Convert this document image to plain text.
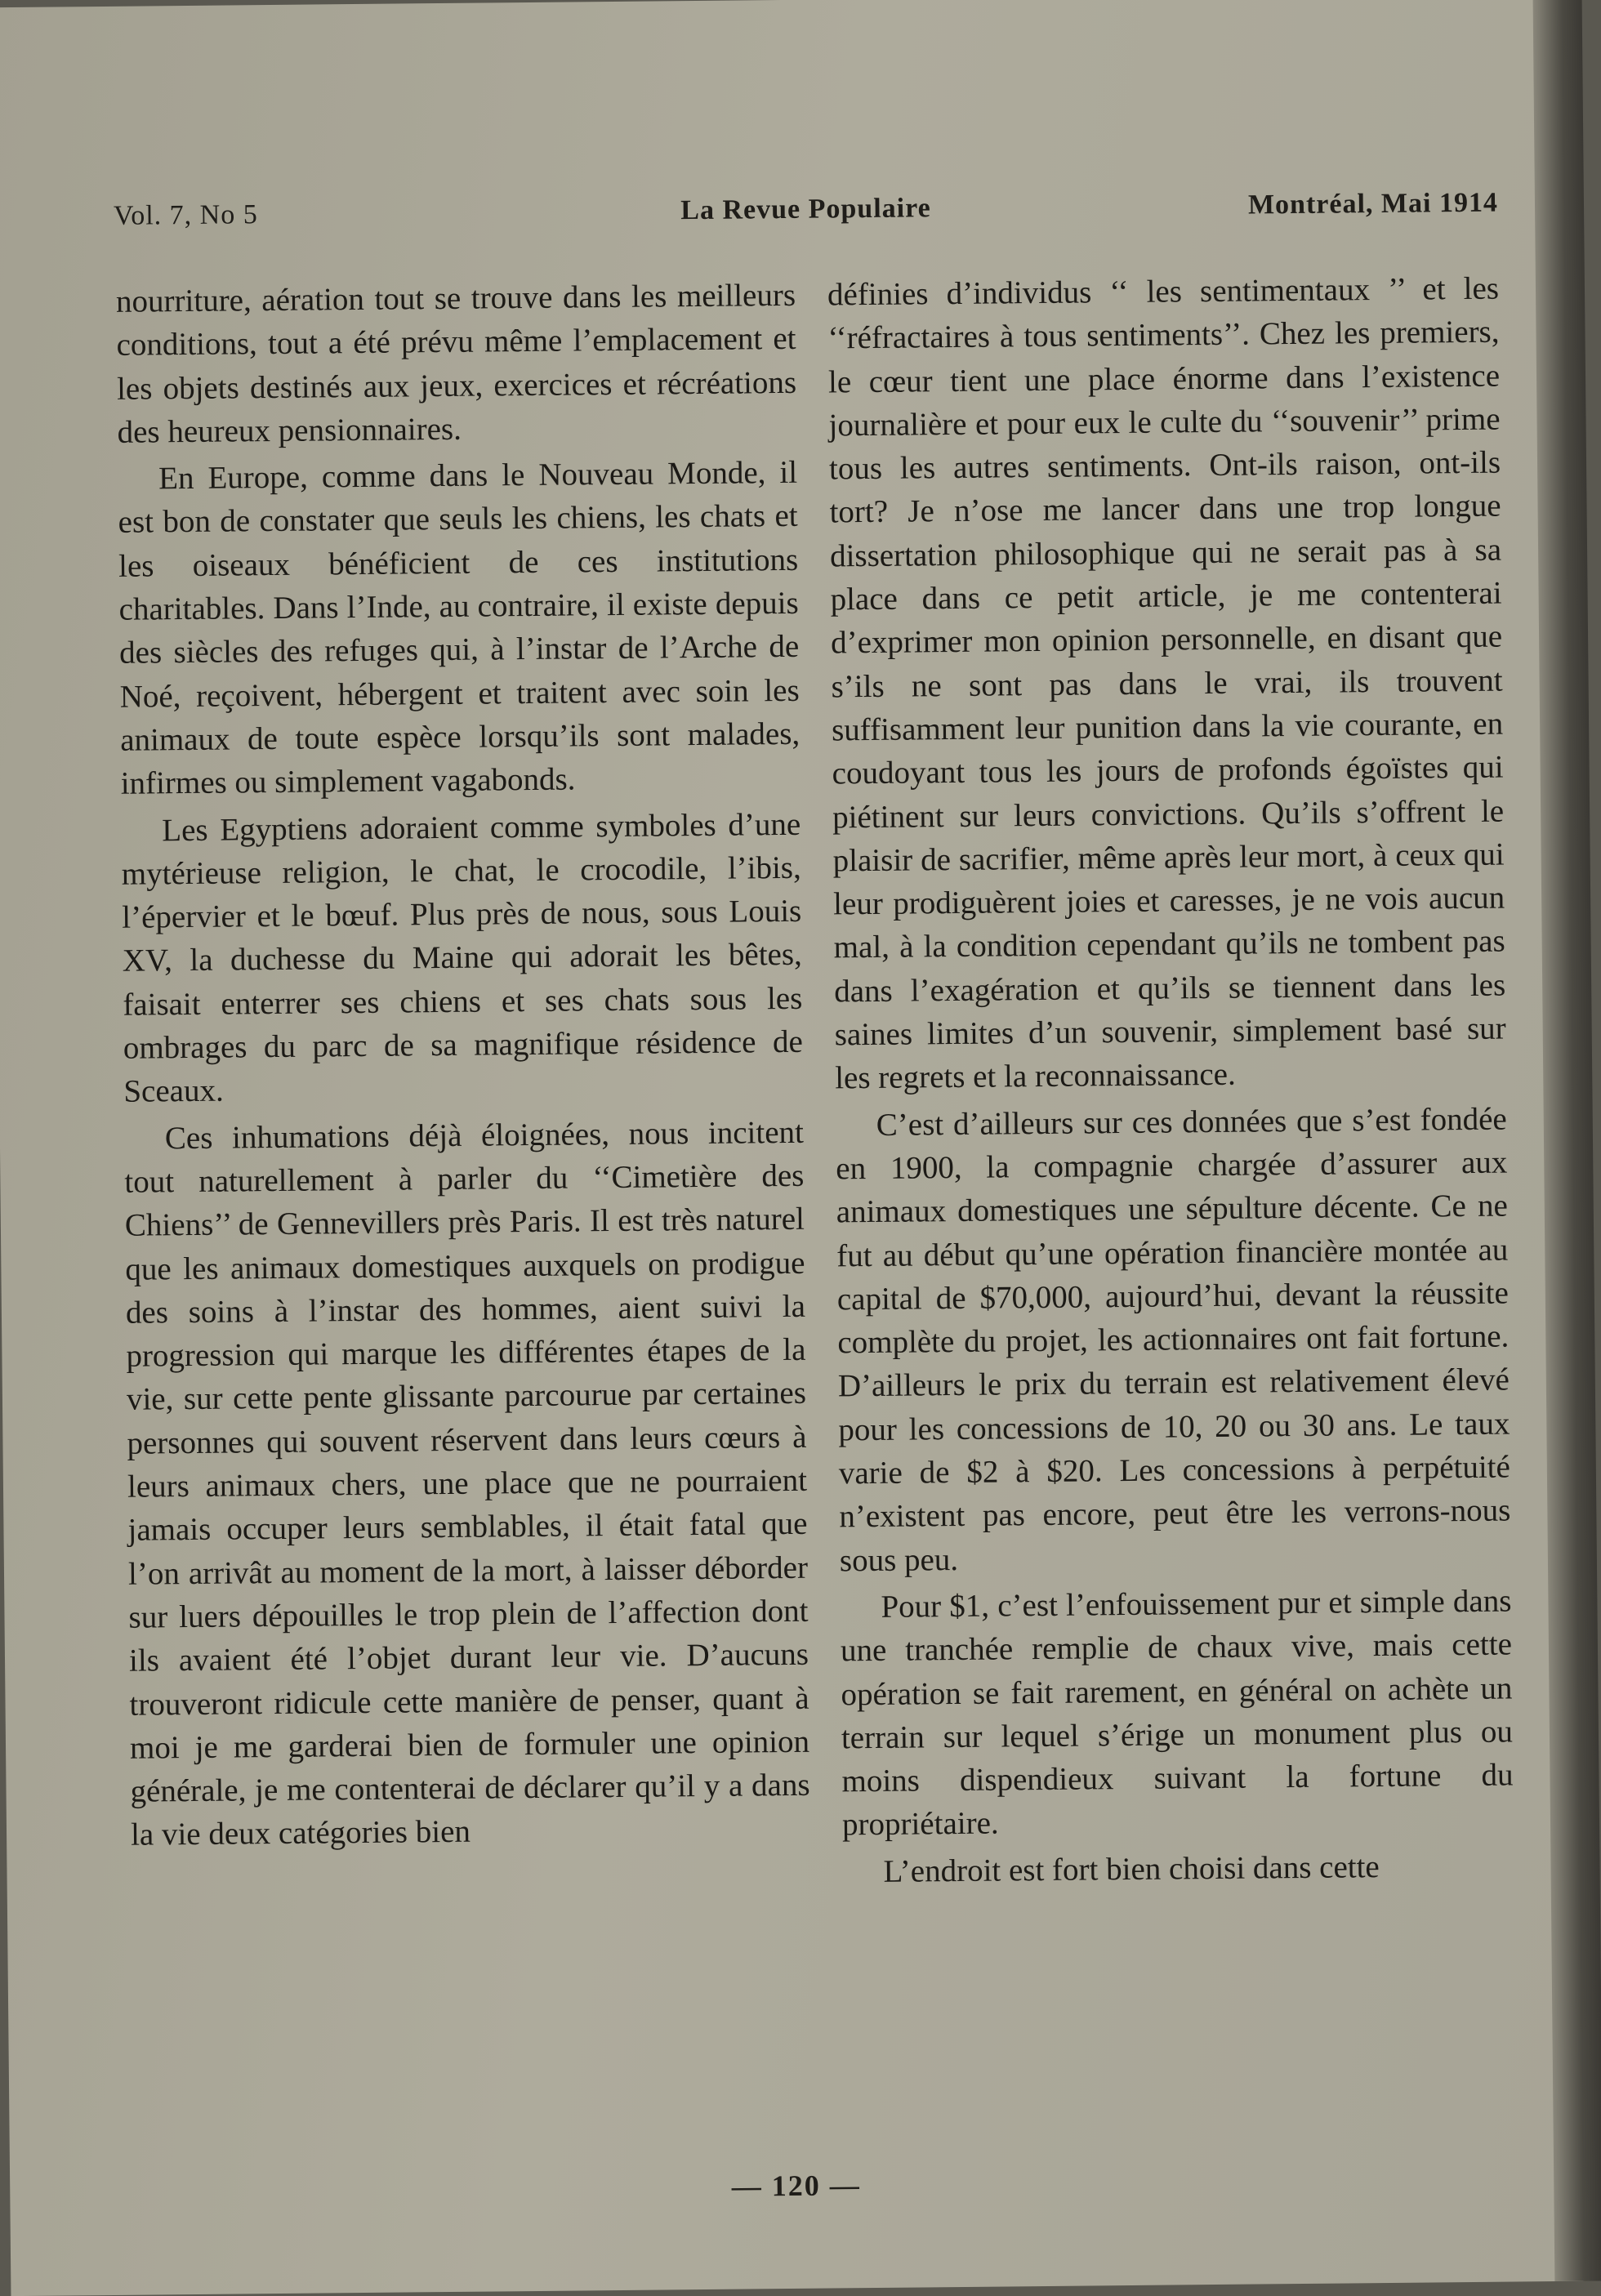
Vol. 7, No 5	La Revue Populaire	Montréal, Mai 1914

nourriture, aération tout se trouve dans les meilleurs conditions, tout a été prévu même l’emplacement et les objets destinés aux jeux, exercices et récréations des heureux pensionnaires.

En Europe, comme dans le Nouveau Monde, il est bon de constater que seuls les chiens, les chats et les oiseaux bénéficient de ces institutions charitables. Dans l’Inde, au contraire, il existe depuis des siècles des refuges qui, à l’instar de l’Arche de Noé, reçoivent, hébergent et traitent avec soin les animaux de toute espèce lorsqu’ils sont malades, infirmes ou simplement vagabonds.

Les Egyptiens adoraient comme symboles d’une mytérieuse religion, le chat, le crocodile, l’ibis, l’épervier et le bœuf. Plus près de nous, sous Louis XV, la duchesse du Maine qui adorait les bêtes, faisait enterrer ses chiens et ses chats sous les ombrages du parc de sa magnifique résidence de Sceaux.

Ces inhumations déjà éloignées, nous incitent tout naturellement à parler du ‘‘Cimetière des Chiens’’ de Gennevillers près Paris. Il est très naturel que les animaux domestiques auxquels on prodigue des soins à l’instar des hommes, aient suivi la progression qui marque les différentes étapes de la vie, sur cette pente glissante parcourue par certaines personnes qui souvent réservent dans leurs cœurs à leurs animaux chers, une place que ne pourraient jamais occuper leurs semblables, il était fatal que l’on arrivât au moment de la mort, à laisser déborder sur luers dépouilles le trop plein de l’affection dont ils avaient été l’objet durant leur vie. D’aucuns trouveront ridicule cette manière de penser, quant à moi je me garderai bien de formuler une opinion générale, je me contenterai de déclarer qu’il y a dans la vie deux catégories bien

définies d’individus ‘‘ les sentimentaux ’’ et les ‘‘réfractaires à tous sentiments’’. Chez les premiers, le cœur tient une place énorme dans l’existence journalière et pour eux le culte du ‘‘souvenir’’ prime tous les autres sentiments. Ont-ils raison, ont-ils tort? Je n’ose me lancer dans une trop longue dissertation philosophique qui ne serait pas à sa place dans ce petit article, je me contenterai d’exprimer mon opinion personnelle, en disant que s’ils ne sont pas dans le vrai, ils trouvent suffisamment leur punition dans la vie courante, en coudoyant tous les jours de profonds égoïstes qui piétinent sur leurs convictions. Qu’ils s’offrent le plaisir de sacrifier, même après leur mort, à ceux qui leur prodiguèrent joies et caresses, je ne vois aucun mal, à la condition cependant qu’ils ne tombent pas dans l’exagération et qu’ils se tiennent dans les saines limites d’un souvenir, simplement basé sur les regrets et la reconnaissance.

C’est d’ailleurs sur ces données que s’est fondée en 1900, la compagnie chargée d’assurer aux animaux domestiques une sépulture décente. Ce ne fut au début qu’une opération financière montée au capital de $70,000, aujourd’hui, devant la réussite complète du projet, les actionnaires ont fait fortune. D’ailleurs le prix du terrain est relativement élevé pour les concessions de 10, 20 ou 30 ans. Le taux varie de $2 à $20. Les concessions à perpétuité n’existent pas encore, peut être les verrons-nous sous peu.

Pour $1, c’est l’enfouissement pur et simple dans une tranchée remplie de chaux vive, mais cette opération se fait rarement, en général on achète un terrain sur lequel s’érige un monument plus ou moins dispendieux suivant la fortune du propriétaire.

L’endroit est fort bien choisi dans cette

— 120 —
